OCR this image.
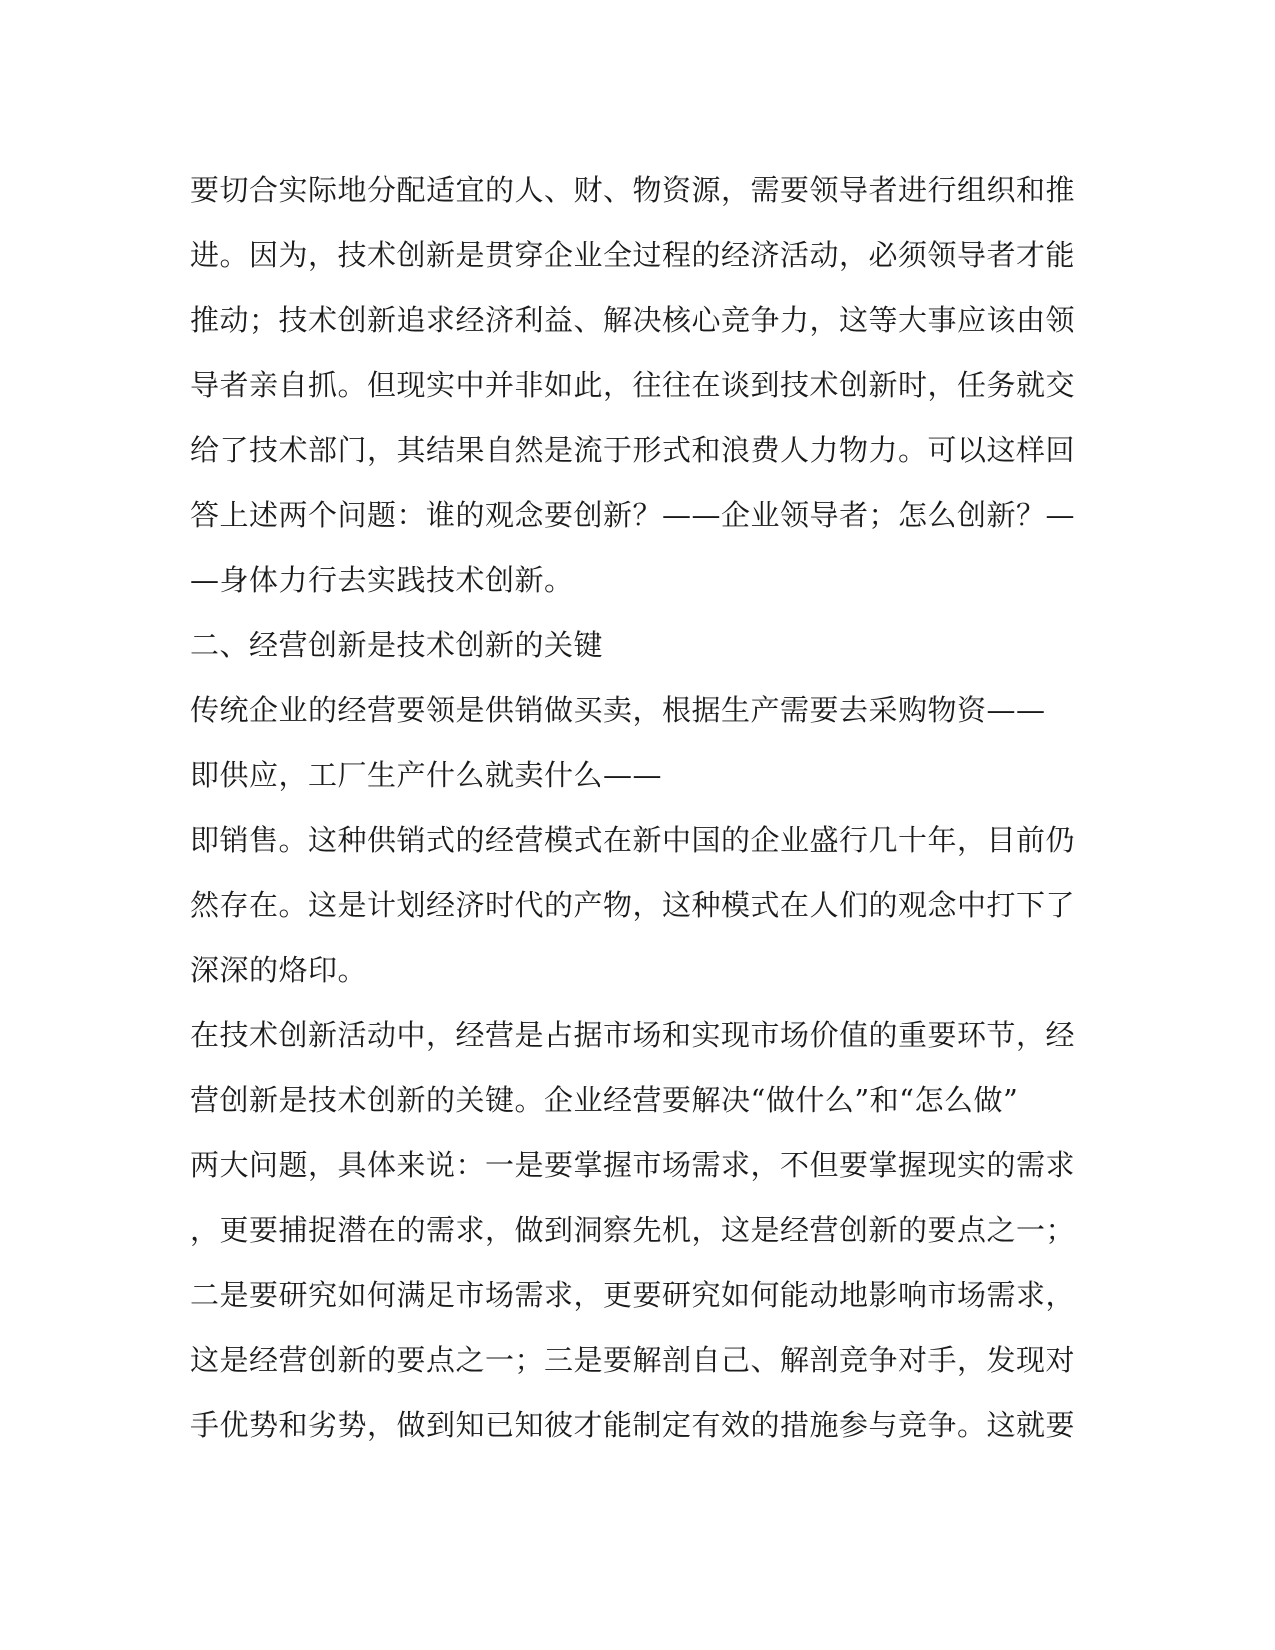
要切合实际地分配适宜的人、财、物资源，需要领导者进行组织和推
进。因为，技术创新是贯穿企业全过程的经济活动，必须领导者才能
推动；技术创新追求经济利益、解决核心竞争力，这等大事应该由领
导者亲自抓。但现实中并非如此，往往在谈到技术创新时，任务就交
给了技术部门，其结果自然是流于形式和浪费人力物力。可以这样回
答上述两个问题：谁的观念要创新？——企业领导者；怎么创新？—
—身体力行去实践技术创新。
二、经营创新是技术创新的关键
传统企业的经营要领是供销做买卖，根据生产需要去采购物资——
即供应，工厂生产什么就卖什么——
即销售。这种供销式的经营模式在新中国的企业盛行几十年，目前仍
然存在。这是计划经济时代的产物，这种模式在人们的观念中打下了
深深的烙印。
在技术创新活动中，经营是占据市场和实现市场价值的重要环节，经
营创新是技术创新的关键。企业经营要解决“做什么”和“怎么做”
两大问题，具体来说：一是要掌握市场需求，不但要掌握现实的需求
，更要捕捉潜在的需求，做到洞察先机，这是经营创新的要点之一；
二是要研究如何满足市场需求，更要研究如何能动地影响市场需求，
这是经营创新的要点之一；三是要解剖自己、解剖竞争对手，发现对
手优势和劣势，做到知已知彼才能制定有效的措施参与竞争。这就要
